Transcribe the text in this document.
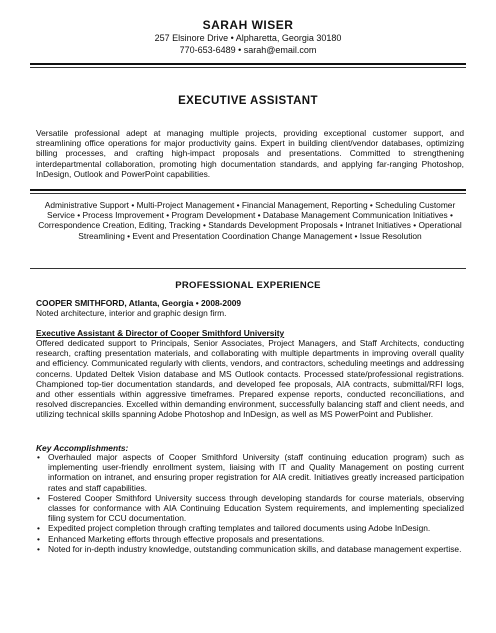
SARAH WISER
257 Elsinore Drive • Alpharetta, Georgia 30180
770-653-6489 • sarah@email.com
EXECUTIVE ASSISTANT

Versatile professional adept at managing multiple projects, providing exceptional customer support, and streamlining office operations for major productivity gains. Expert in building client/vendor databases, optimizing billing processes, and crafting high-impact proposals and presentations. Committed to strengthening interdepartmental collaboration, promoting high documentation standards, and applying far-ranging Photoshop, InDesign, Outlook and PowerPoint capabilities.

Administrative Support • Multi-Project Management • Financial Management, Reporting • Scheduling Customer Service • Process Improvement • Program Development • Database Management Communication Initiatives • Correspondence Creation, Editing, Tracking • Standards Development Proposals • Intranet Initiatives • Operational Streamlining • Event and Presentation Coordination Change Management • Issue Resolution

PROFESSIONAL EXPERIENCE

COOPER SMITHFORD, Atlanta, Georgia • 2008-2009

Noted architecture, interior and graphic design firm.

Executive Assistant & Director of Cooper Smithford University

Offered dedicated support to Principals, Senior Associates, Project Managers, and Staff Architects, conducting research, crafting presentation materials, and collaborating with multiple departments in improving overall quality and efficiency. Communicated regularly with clients, vendors, and contractors, scheduling meetings and addressing concerns. Updated Deltek Vision database and MS Outlook contacts. Processed state/professional registrations. Championed top-tier documentation standards, and developed fee proposals, AIA contracts, submittal/RFI logs, and other essentials within aggressive timeframes. Prepared expense reports, conducted reconciliations, and resolved discrepancies. Excelled within demanding environment, successfully balancing staff and client needs, and utilizing technical skills spanning Adobe Photoshop and InDesign, as well as MS PowerPoint and Publisher.

Key Accomplishments:

• Overhauled major aspects of Cooper Smithford University (staff continuing education program) such as implementing user-friendly enrollment system, liaising with IT and Quality Management on posting current information on intranet, and ensuring proper registration for AIA credit. Initiatives greatly increased participation rates and staff capabilities.
• Fostered Cooper Smithford University success through developing standards for course materials, observing classes for conformance with AIA Continuing Education System requirements, and implementing specialized filing system for CCU documentation.
• Expedited project completion through crafting templates and tailored documents using Adobe InDesign.
• Enhanced Marketing efforts through effective proposals and presentations.
• Noted for in-depth industry knowledge, outstanding communication skills, and database management expertise.
